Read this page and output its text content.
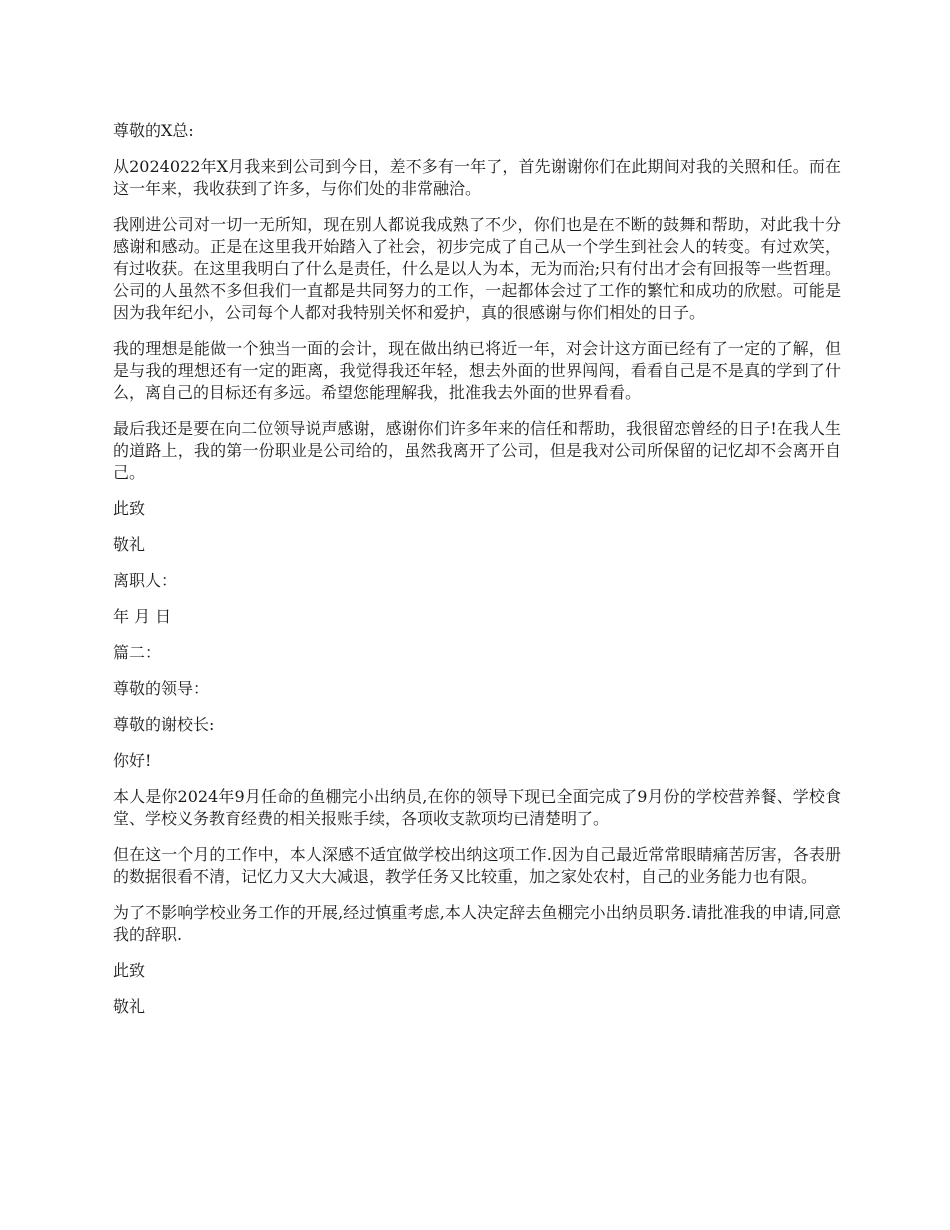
尊敬的X总:

从2024022年X月我来到公司到今日，差不多有一年了，首先谢谢你们在此期间对我的关照和任。而在这一年来，我收获到了许多，与你们处的非常融洽。

我刚进公司对一切一无所知，现在别人都说我成熟了不少，你们也是在不断的鼓舞和帮助，对此我十分感谢和感动。正是在这里我开始踏入了社会，初步完成了自己从一个学生到社会人的转变。有过欢笑，有过收获。在这里我明白了什么是责任，什么是以人为本，无为而治;只有付出才会有回报等一些哲理。公司的人虽然不多但我们一直都是共同努力的工作，一起都体会过了工作的繁忙和成功的欣慰。可能是因为我年纪小，公司每个人都对我特别关怀和爱护，真的很感谢与你们相处的日子。

我的理想是能做一个独当一面的会计，现在做出纳已将近一年，对会计这方面已经有了一定的了解，但是与我的理想还有一定的距离，我觉得我还年轻，想去外面的世界闯闯，看看自己是不是真的学到了什么，离自己的目标还有多远。希望您能理解我，批准我去外面的世界看看。

最后我还是要在向二位领导说声感谢，感谢你们许多年来的信任和帮助，我很留恋曾经的日子!在我人生的道路上，我的第一份职业是公司给的，虽然我离开了公司，但是我对公司所保留的记忆却不会离开自己。

此致

敬礼

离职人：

年 月 日

篇二：

尊敬的领导：

尊敬的谢校长:

你好!

本人是你2024年9月任命的鱼棚完小出纳员,在你的领导下现已全面完成了9月份的学校营养餐、学校食堂、学校义务教育经费的相关报账手续，各项收支款项均已清楚明了。

但在这一个月的工作中，本人深感不适宜做学校出纳这项工作.因为自己最近常常眼睛痛苦厉害，各表册的数据很看不清，记忆力又大大减退，教学任务又比较重，加之家处农村，自己的业务能力也有限。

为了不影响学校业务工作的开展,经过慎重考虑,本人决定辞去鱼棚完小出纳员职务.请批准我的申请,同意我的辞职.

此致

敬礼
